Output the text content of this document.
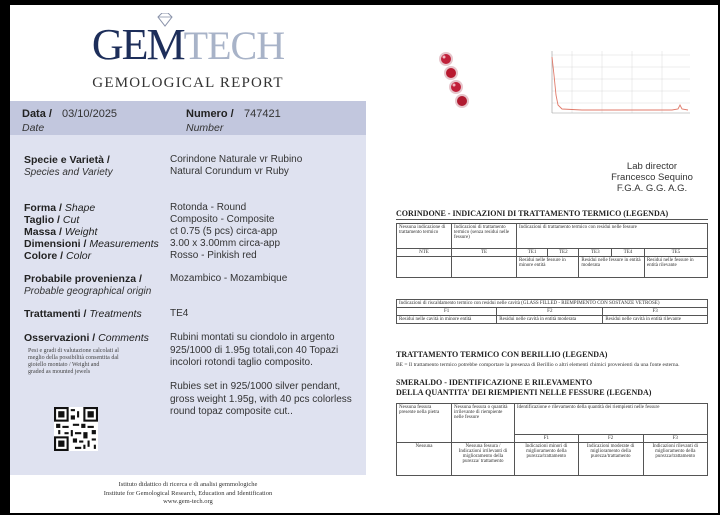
GEMTECH
GEMOLOGICAL REPORT
Data / 03/10/2025
Date
Numero / 747421
Number
Specie e Varietà /
Species and Variety
Corindone Naturale vr Rubino
Natural Corundum vr Ruby
Forma / Shape	Rotonda - Round
Taglio / Cut	Composito - Composite
Massa / Weight	ct 0.75 (5 pcs) circa-app
Dimensioni / Measurements 3.00 x 3.00mm circa-app
Colore / Color	Rosso - Pinkish red
Probabile provenienza /
Probable geographical origin
Mozambico - Mozambique
Trattamenti / Treatments	TE4
Osservazioni / Comments Rubini montati su ciondolo in argento
925/1000 di 1.95g totali,con 40 Topazi
incolori rotondi taglio composito.
Rubies set in 925/1000 silver pendant,
gross weight 1.95g, with 40 pcs colorless
round topaz composite cut..
Pesi e gradi di valutazione calcolati al
meglio della possibilità consentita dal
gioiello montato / Weight and
graded as mounted jewels
Istituto didattico di ricerca e di analisi gemmologiche
Institute for Gemological Research, Education and Identification
www.gem-tech.org
Lab director
Francesco Sequino
F.G.A. G.G. A.G.
CORINDONE - INDICAZIONI DI TRATTAMENTO TERMICO (LEGENDA)
Nessuna indicazione di trattamento termico	Indicazioni di trattamento termico (senza residui nelle fessure)	Indicazioni di trattamento termico con residui nelle fessure				
NTE	TE	TE1	TE2	TE3	TE4	TE5
		Residui nelle fessure in minore entità		Residui nelle fessure in entità moderata		Residui nelle fessure in entità rilevante
Indicazioni di riscaldamento termico con residui nelle cavità (GLASS FILLED - RIEMPIMENTO CON SOSTANZE VETROSE)		
F1	F2	F3
Residui nelle cavità in minore entità	Residui nelle cavità in entità moderata	Residui nelle cavità in entità rilevante
TRATTAMENTO TERMICO CON BERILLIO (LEGENDA)
BE = Il trattamento termico potrebbe comportare la presenza di Berillio o altri elementi chimici provenienti da una fonte esterna.
SMERALDO - IDENTIFICAZIONE E RILEVAMENTO
DELLA QUANTITA' DEI RIEMPIENTI NELLE FESSURE (LEGENDA)
Nessuna fessura presente nella pietra	Nessuna fessura o quantità irrilevante di riempiente nelle fessure	Identificazione e rilevamento della quantità dei riempienti nelle fessure		
		F1	F2	F3
Nessuna	Nessuna fessura / Indicazioni irrilevanti di miglioramento della purezza/ trattamento	Indicazioni minori di miglioramento della purezza/trattamento	Indicazioni moderate di miglioramento della purezza/trattamento	Indicazioni rilevanti di miglioramento della purezza/trattamento
